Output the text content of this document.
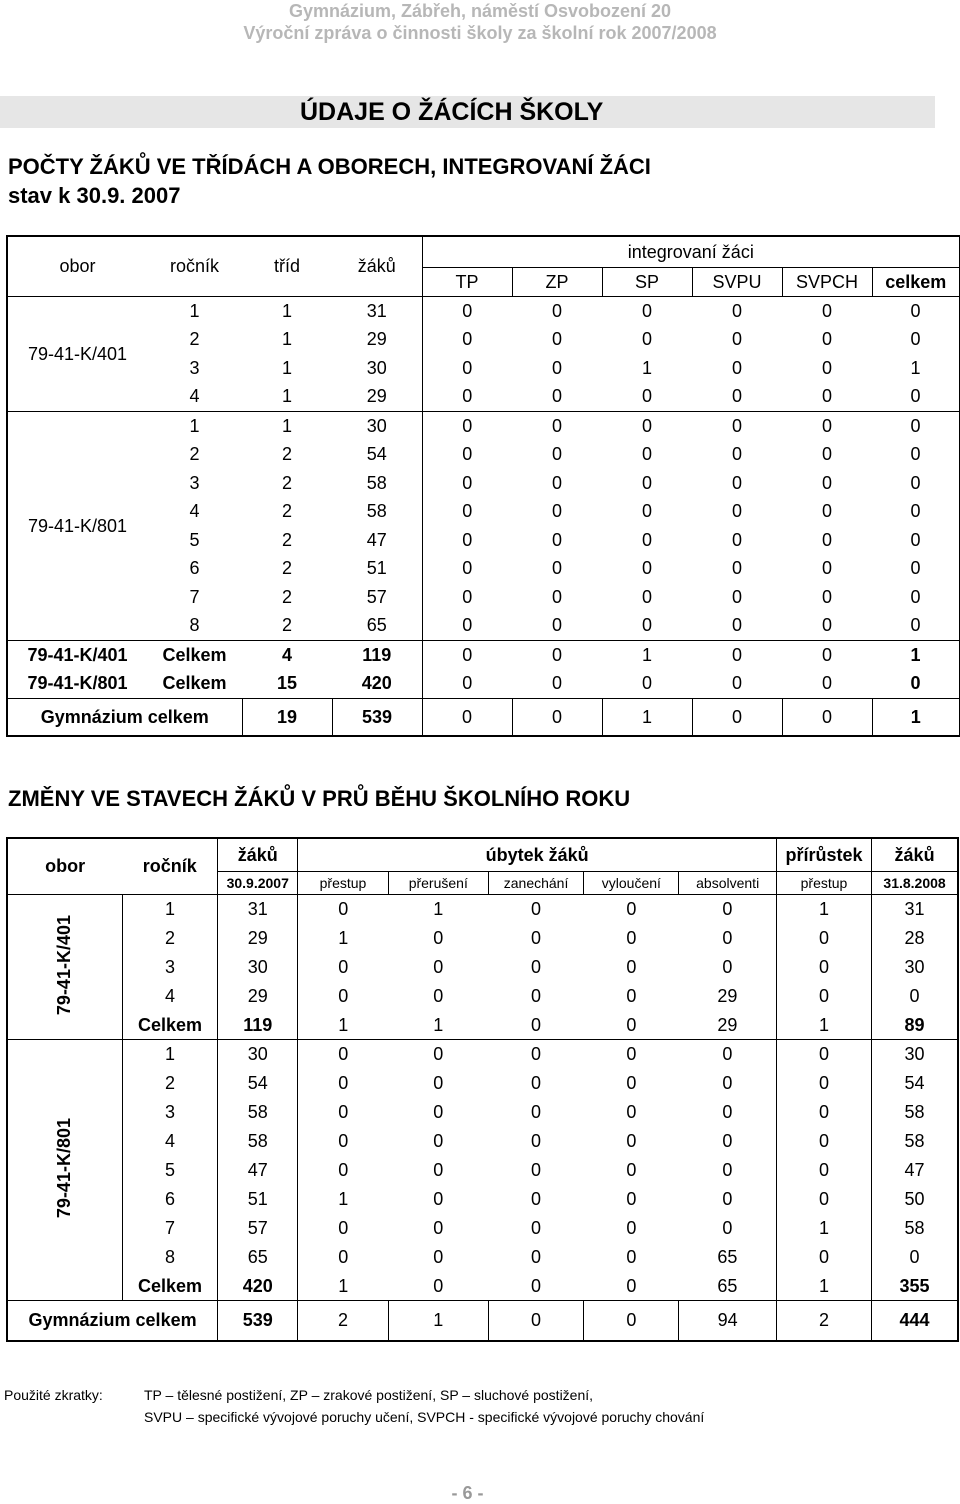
Gymnázium, Zábřeh, náměstí Osvobození 20
Výroční zpráva o činnosti školy za školní rok 2007/2008
ÚDAJE O ŽÁCÍCH ŠKOLY
POČTY ŽÁKŮ VE TŘÍDÁCH A OBORECH, INTEGROVANÍ ŽÁCI
stav k 30.9. 2007
obor	ročník	tříd	žáků	integrovaní žáci					
				TP	ZP	SP	SVPU	SVPCH	celkem
79-41-K/401	1	1	31	0	0	0	0	0	0
	2	1	29	0	0	0	0	0	0
	3	1	30	0	0	1	0	0	1
	4	1	29	0	0	0	0	0	0
79-41-K/801	1	1	30	0	0	0	0	0	0
	2	2	54	0	0	0	0	0	0
	3	2	58	0	0	0	0	0	0
	4	2	58	0	0	0	0	0	0
	5	2	47	0	0	0	0	0	0
	6	2	51	0	0	0	0	0	0
	7	2	57	0	0	0	0	0	0
	8	2	65	0	0	0	0	0	0
79-41-K/401	Celkem	4	119	0	0	1	0	0	1
79-41-K/801	Celkem	15	420	0	0	0	0	0	0
Gymnázium celkem		19	539	0	0	1	0	0	1
ZMĚNY VE STAVECH ŽÁKŮ V PRŮ BĚHU ŠKOLNÍHO ROKU
obor	ročník	žáků	úbytek žáků					přírůstek	žáků
		30.9.2007	přestup	přerušení	zanechání	vyloučení	absolventi	přestup	31.8.2008
79-41-K/401	1	31	0	1	0	0	0	1	31
	2	29	1	0	0	0	0	0	28
	3	30	0	0	0	0	0	0	30
	4	29	0	0	0	0	29	0	0
	Celkem	119	1	1	0	0	29	1	89
79-41-K/801	1	30	0	0	0	0	0	0	30
	2	54	0	0	0	0	0	0	54
	3	58	0	0	0	0	0	0	58
	4	58	0	0	0	0	0	0	58
	5	47	0	0	0	0	0	0	47
	6	51	1	0	0	0	0	0	50
	7	57	0	0	0	0	0	1	58
	8	65	0	0	0	0	65	0	0
	Celkem	420	1	0	0	0	65	1	355
Gymnázium celkem		539	2	1	0	0	94	2	444
Použité zkratky:	TP – tělesné postižení, ZP – zrakové postižení, SP – sluchové postižení,
SVPU – specifické vývojové poruchy učení, SVPCH - specifické vývojové poruchy chování
- 6 -
